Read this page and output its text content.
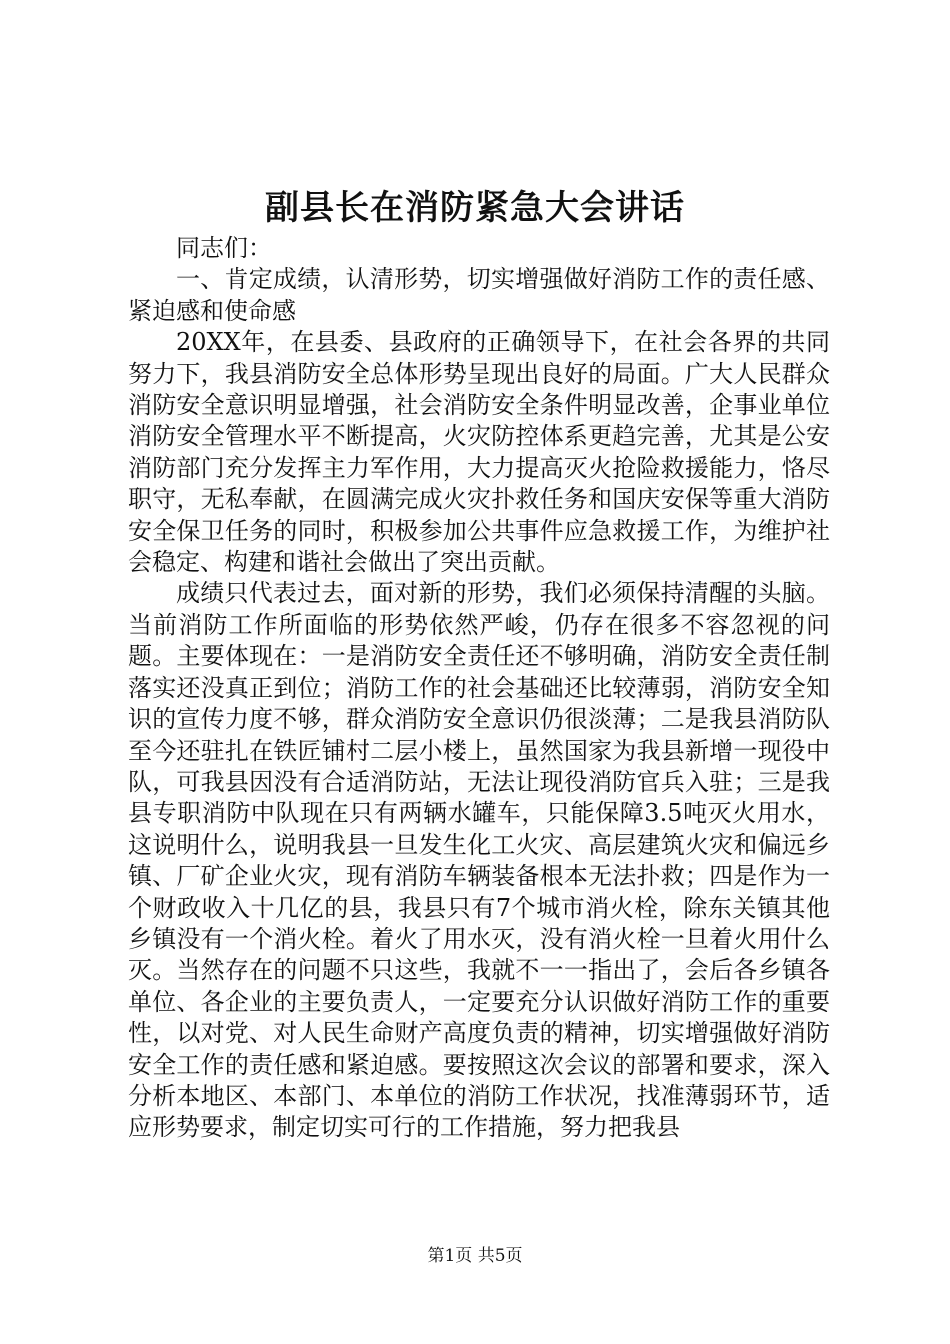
副县长在消防紧急大会讲话

同志们：

一、肯定成绩，认清形势，切实增强做好消防工作的责任感、紧迫感和使命感

20XX年，在县委、县政府的正确领导下，在社会各界的共同努力下，我县消防安全总体形势呈现出良好的局面。广大人民群众消防安全意识明显增强，社会消防安全条件明显改善，企事业单位消防安全管理水平不断提高，火灾防控体系更趋完善，尤其是公安消防部门充分发挥主力军作用，大力提高灭火抢险救援能力，恪尽职守，无私奉献，在圆满完成火灾扑救任务和国庆安保等重大消防安全保卫任务的同时，积极参加公共事件应急救援工作，为维护社会稳定、构建和谐社会做出了突出贡献。

成绩只代表过去，面对新的形势，我们必须保持清醒的头脑。当前消防工作所面临的形势依然严峻，仍存在很多不容忽视的问题。主要体现在：一是消防安全责任还不够明确，消防安全责任制落实还没真正到位；消防工作的社会基础还比较薄弱，消防安全知识的宣传力度不够，群众消防安全意识仍很淡薄；二是我县消防队至今还驻扎在铁匠铺村二层小楼上，虽然国家为我县新增一现役中队，可我县因没有合适消防站，无法让现役消防官兵入驻；三是我县专职消防中队现在只有两辆水罐车，只能保障3.5吨灭火用水，这说明什么，说明我县一旦发生化工火灾、高层建筑火灾和偏远乡镇、厂矿企业火灾，现有消防车辆装备根本无法扑救；四是作为一个财政收入十几亿的县，我县只有7个城市消火栓，除东关镇其他乡镇没有一个消火栓。着火了用水灭，没有消火栓一旦着火用什么灭。当然存在的问题不只这些，我就不一一指出了，会后各乡镇各单位、各企业的主要负责人，一定要充分认识做好消防工作的重要性，以对党、对人民生命财产高度负责的精神，切实增强做好消防安全工作的责任感和紧迫感。要按照这次会议的部署和要求，深入分析本地区、本部门、本单位的消防工作状况，找准薄弱环节，适应形势要求，制定切实可行的工作措施，努力把我县

第1页 共5页
